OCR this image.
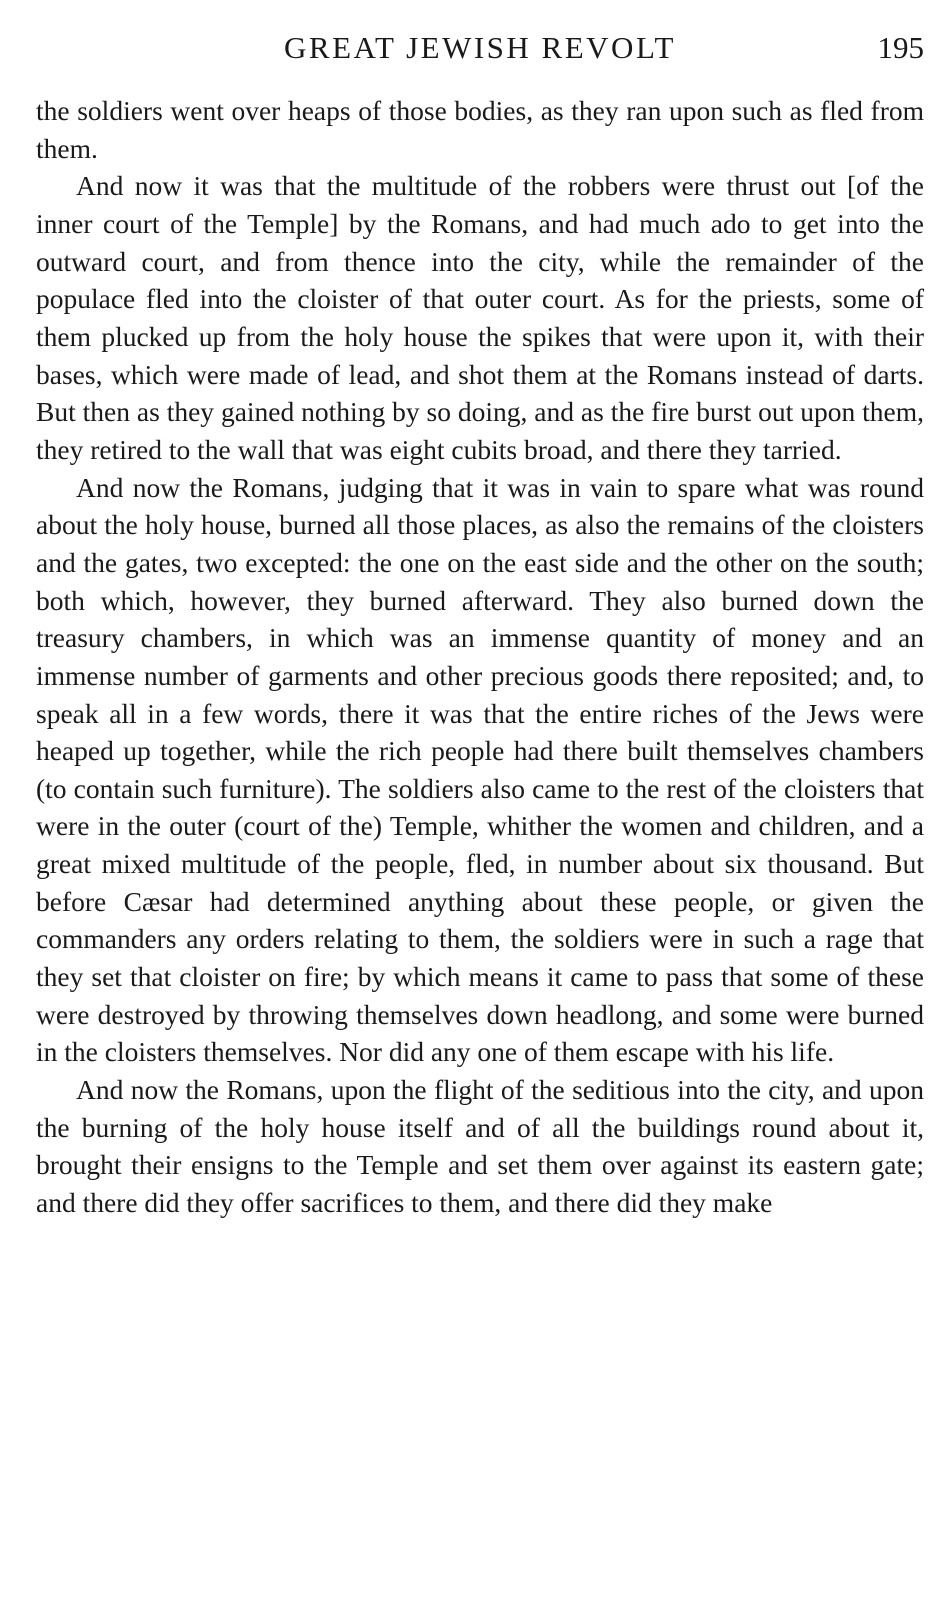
GREAT JEWISH REVOLT	195

the soldiers went over heaps of those bodies, as they ran upon such as fled from them.

And now it was that the multitude of the robbers were thrust out [of the inner court of the Temple] by the Romans, and had much ado to get into the outward court, and from thence into the city, while the remainder of the populace fled into the cloister of that outer court. As for the priests, some of them plucked up from the holy house the spikes that were upon it, with their bases, which were made of lead, and shot them at the Romans instead of darts. But then as they gained nothing by so doing, and as the fire burst out upon them, they retired to the wall that was eight cubits broad, and there they tarried.

And now the Romans, judging that it was in vain to spare what was round about the holy house, burned all those places, as also the remains of the cloisters and the gates, two excepted: the one on the east side and the other on the south; both which, however, they burned afterward. They also burned down the treasury chambers, in which was an immense quantity of money and an immense number of garments and other precious goods there reposited; and, to speak all in a few words, there it was that the entire riches of the Jews were heaped up together, while the rich people had there built themselves chambers (to contain such furniture). The soldiers also came to the rest of the cloisters that were in the outer (court of the) Temple, whither the women and children, and a great mixed multitude of the people, fled, in number about six thousand. But before Cæsar had determined anything about these people, or given the commanders any orders relating to them, the soldiers were in such a rage that they set that cloister on fire; by which means it came to pass that some of these were destroyed by throwing themselves down headlong, and some were burned in the cloisters themselves. Nor did any one of them escape with his life.

And now the Romans, upon the flight of the seditious into the city, and upon the burning of the holy house itself and of all the buildings round about it, brought their ensigns to the Temple and set them over against its eastern gate; and there did they offer sacrifices to them, and there did they make
